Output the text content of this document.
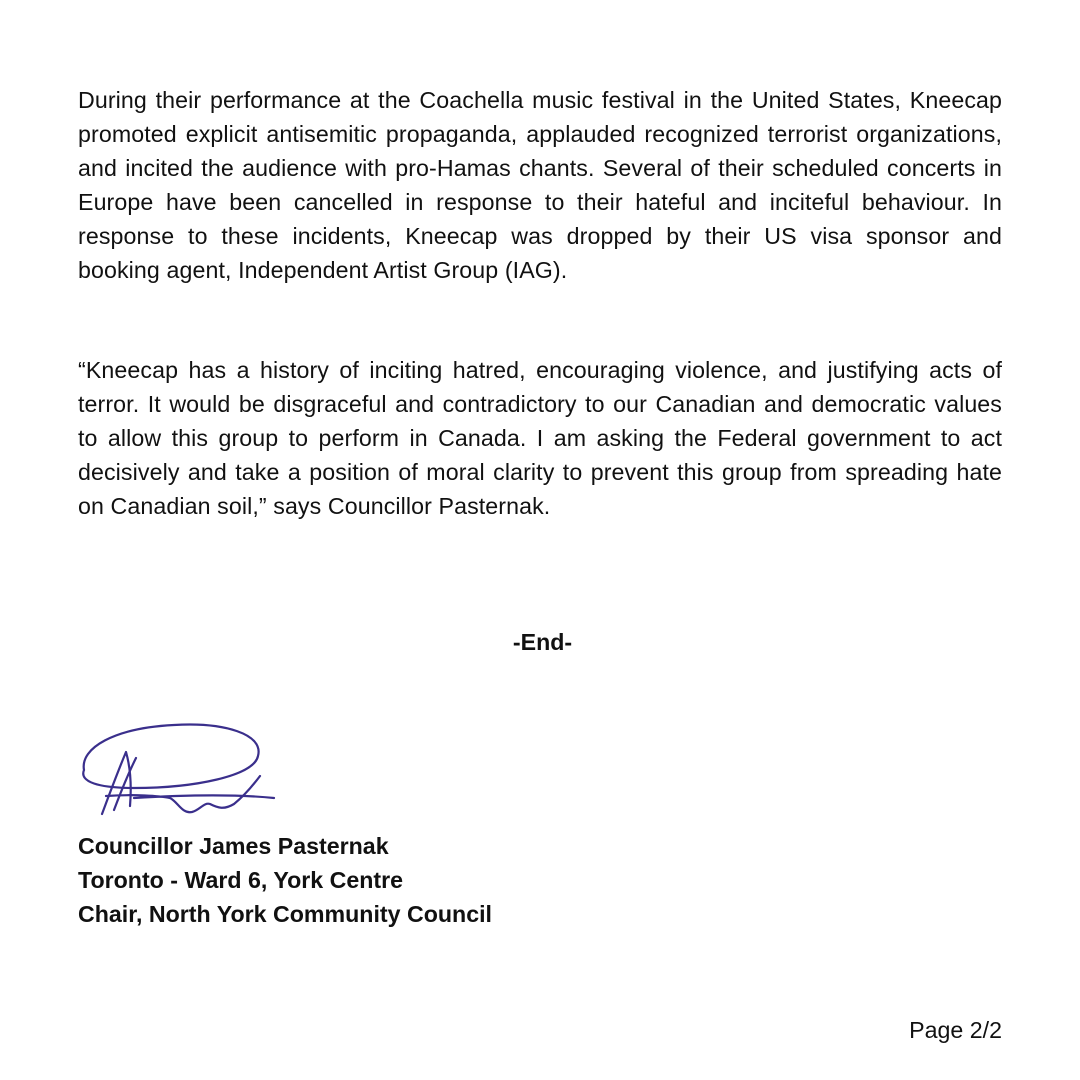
During their performance at the Coachella music festival in the United States, Kneecap promoted explicit antisemitic propaganda, applauded recognized terrorist organizations, and incited the audience with pro-Hamas chants. Several of their scheduled concerts in Europe have been cancelled in response to their hateful and inciteful behaviour. In response to these incidents, Kneecap was dropped by their US visa sponsor and booking agent, Independent Artist Group (IAG).

“Kneecap has a history of inciting hatred, encouraging violence, and justifying acts of terror. It would be disgraceful and contradictory to our Canadian and democratic values to allow this group to perform in Canada. I am asking the Federal government to act decisively and take a position of moral clarity to prevent this group from spreading hate on Canadian soil,” says Councillor Pasternak.

-End-
Councillor James Pasternak
Toronto - Ward 6, York Centre
Chair, North York Community Council
Page 2/2
